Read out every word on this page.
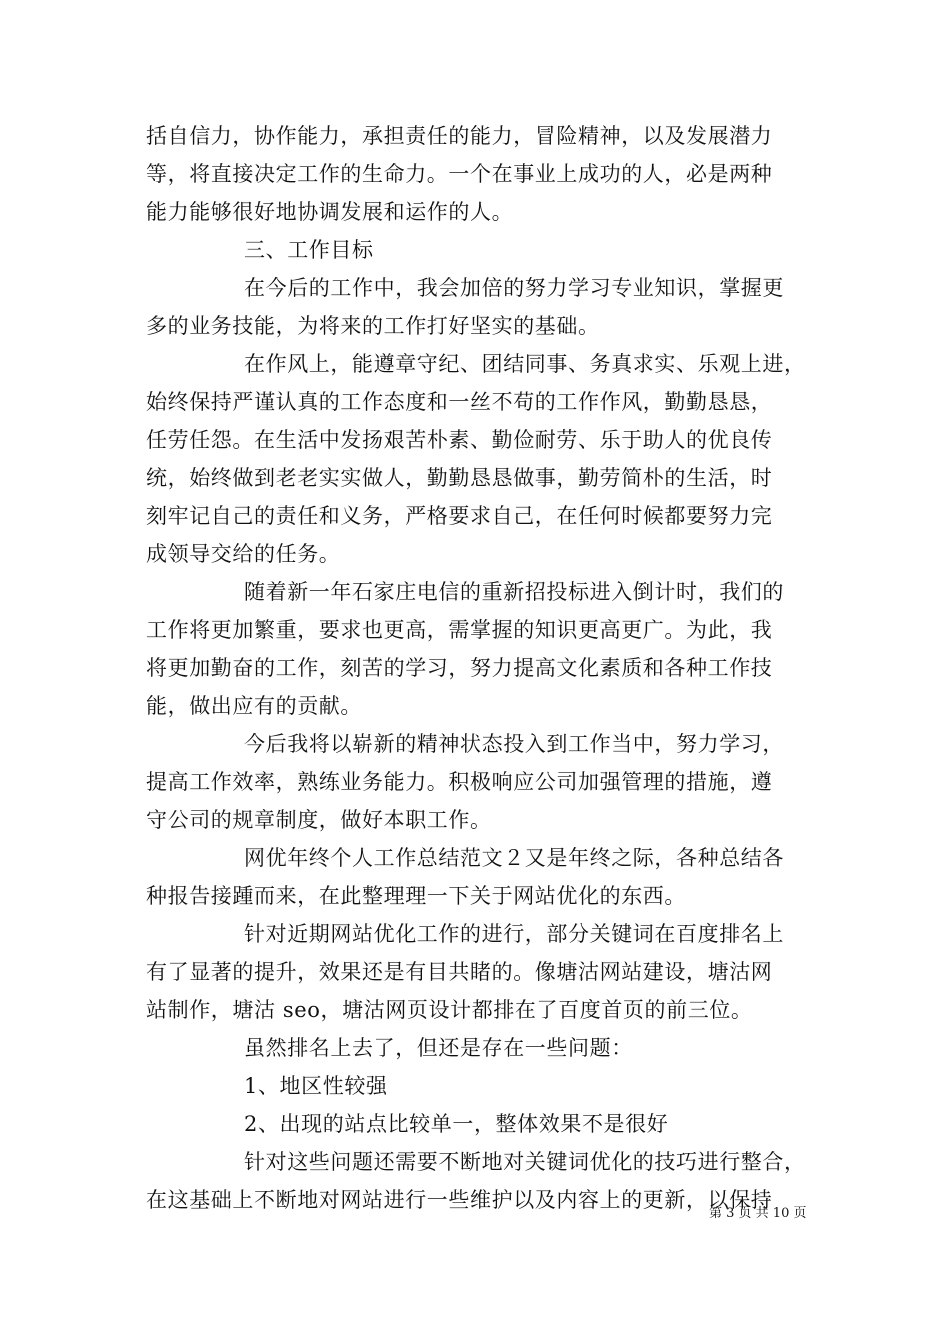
括自信力，协作能力，承担责任的能力，冒险精神，以及发展潜力
等，将直接决定工作的生命力。一个在事业上成功的人，必是两种
能力能够很好地协调发展和运作的人。
三、工作目标
在今后的工作中，我会加倍的努力学习专业知识，掌握更
多的业务技能，为将来的工作打好坚实的基础。
在作风上，能遵章守纪、团结同事、务真求实、乐观上进，
始终保持严谨认真的工作态度和一丝不苟的工作作风，勤勤恳恳，
任劳任怨。在生活中发扬艰苦朴素、勤俭耐劳、乐于助人的优良传
统，始终做到老老实实做人，勤勤恳恳做事，勤劳简朴的生活，时
刻牢记自己的责任和义务，严格要求自己，在任何时候都要努力完
成领导交给的任务。
随着新一年石家庄电信的重新招投标进入倒计时，我们的
工作将更加繁重，要求也更高，需掌握的知识更高更广。为此，我
将更加勤奋的工作，刻苦的学习，努力提高文化素质和各种工作技
能，做出应有的贡献。
今后我将以崭新的精神状态投入到工作当中，努力学习，
提高工作效率，熟练业务能力。积极响应公司加强管理的措施，遵
守公司的规章制度，做好本职工作。
网优年终个人工作总结范文２又是年终之际，各种总结各
种报告接踵而来，在此整理理一下关于网站优化的东西。
针对近期网站优化工作的进行，部分关键词在百度排名上
有了显著的提升，效果还是有目共睹的。像塘沽网站建设，塘沽网
站制作，塘沽 seo，塘沽网页设计都排在了百度首页的前三位。
虽然排名上去了，但还是存在一些问题：
1、地区性较强
2、出现的站点比较单一，整体效果不是很好
针对这些问题还需要不断地对关键词优化的技巧进行整合，
在这基础上不断地对网站进行一些维护以及内容上的更新，以保持
第 3 页 共 10 页
